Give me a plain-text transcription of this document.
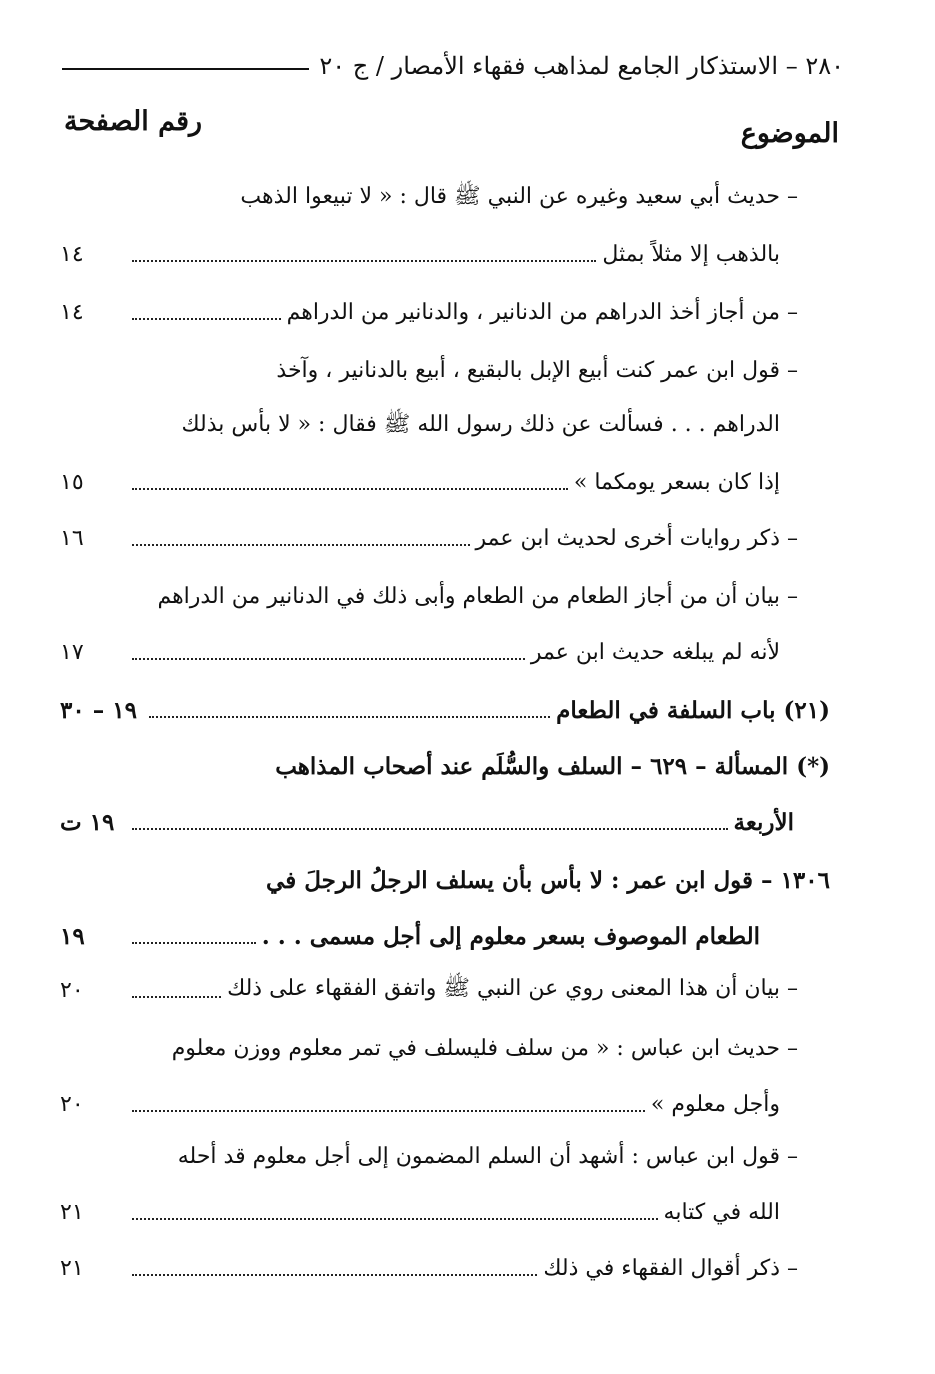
٢٨٠ – الاستذكار الجامع لمذاهب فقهاء الأمصار / ج ٢٠
الموضوع
رقم الصفحة
– حديث أبي سعيد وغيره عن النبي ﷺ قال : « لا تبيعوا الذهب
بالذهب إلا مثلاً بمثل
١٤
– من أجاز أخذ الدراهم من الدنانير ، والدنانير من الدراهم
١٤
– قول ابن عمر كنت أبيع الإبل بالبقيع ، أبيع بالدنانير ، وآخذ
الدراهم . . . فسألت عن ذلك رسول الله ﷺ فقال : « لا بأس بذلك
إذا كان بسعر يومكما »
١٥
– ذكر روايات أخرى لحديث ابن عمر
١٦
– بيان أن من أجاز الطعام من الطعام وأبى ذلك في الدنانير من الدراهم
لأنه لم يبلغه حديث ابن عمر
١٧
(٢١) باب السلفة في الطعام
١٩ – ٣٠
(*) المسألة – ٦٢٩ – السلف والسُّلَم عند أصحاب المذاهب
الأربعة
١٩ ت
١٣٠٦ – قول ابن عمر : لا بأس بأن يسلف الرجلُ الرجلَ في
الطعام الموصوف بسعر معلوم إلى أجل مسمى . . .
١٩
– بيان أن هذا المعنى روي عن النبي ﷺ واتفق الفقهاء على ذلك
٢٠
– حديث ابن عباس : « من سلف فليسلف في تمر معلوم ووزن معلوم
وأجل معلوم »
٢٠
– قول ابن عباس : أشهد أن السلم المضمون إلى أجل معلوم قد أحله
الله في كتابه
٢١
– ذكر أقوال الفقهاء في ذلك
٢١
